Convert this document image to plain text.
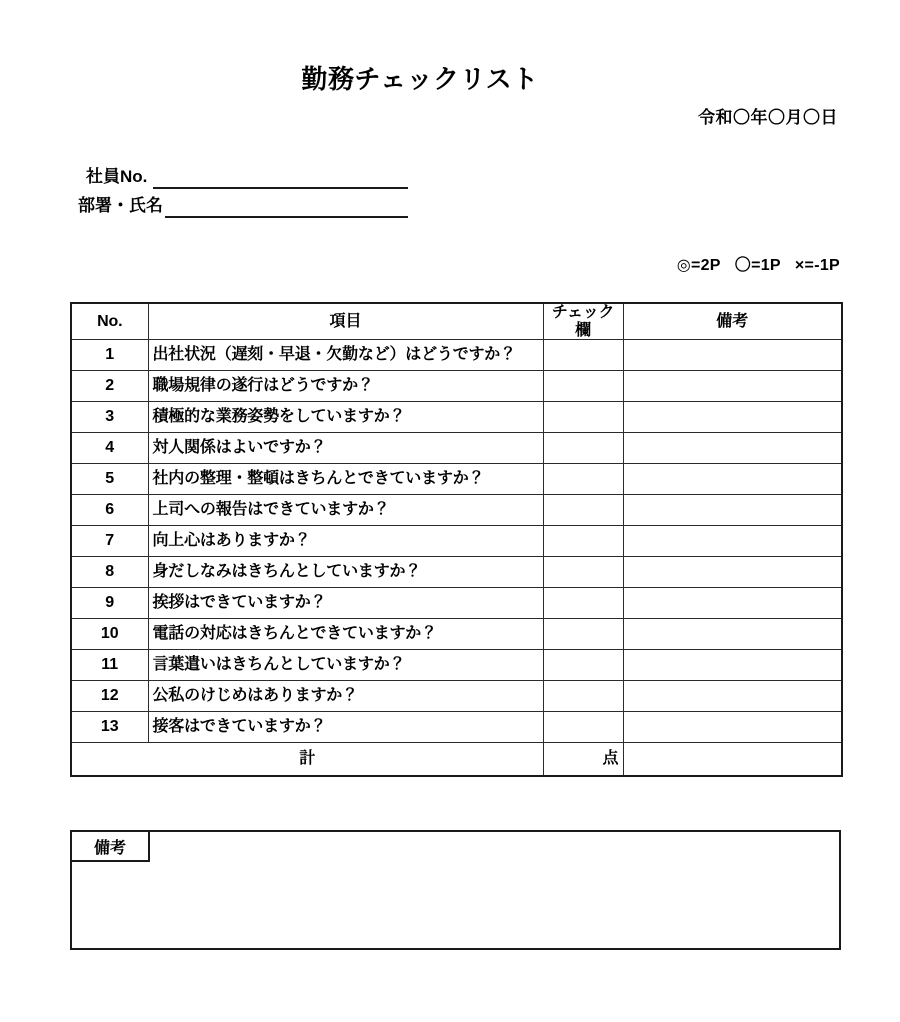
勤務チェックリスト
令和〇年〇月〇日
社員No.
部署・氏名
◎=2P 〇=1P ×=-1P
No.	項目	チェック欄	備考
1	出社状況（遅刻・早退・欠勤など）はどうですか？		
2	職場規律の遂行はどうですか？		
3	積極的な業務姿勢をしていますか？		
4	対人関係はよいですか？		
5	社内の整理・整頓はきちんとできていますか？		
6	上司への報告はできていますか？		
7	向上心はありますか？		
8	身だしなみはきちんとしていますか？		
9	挨拶はできていますか？		
10	電話の対応はきちんとできていますか？		
11	言葉遣いはきちんとしていますか？		
12	公私のけじめはありますか？		
13	接客はできていますか？		
計		点	
備考
